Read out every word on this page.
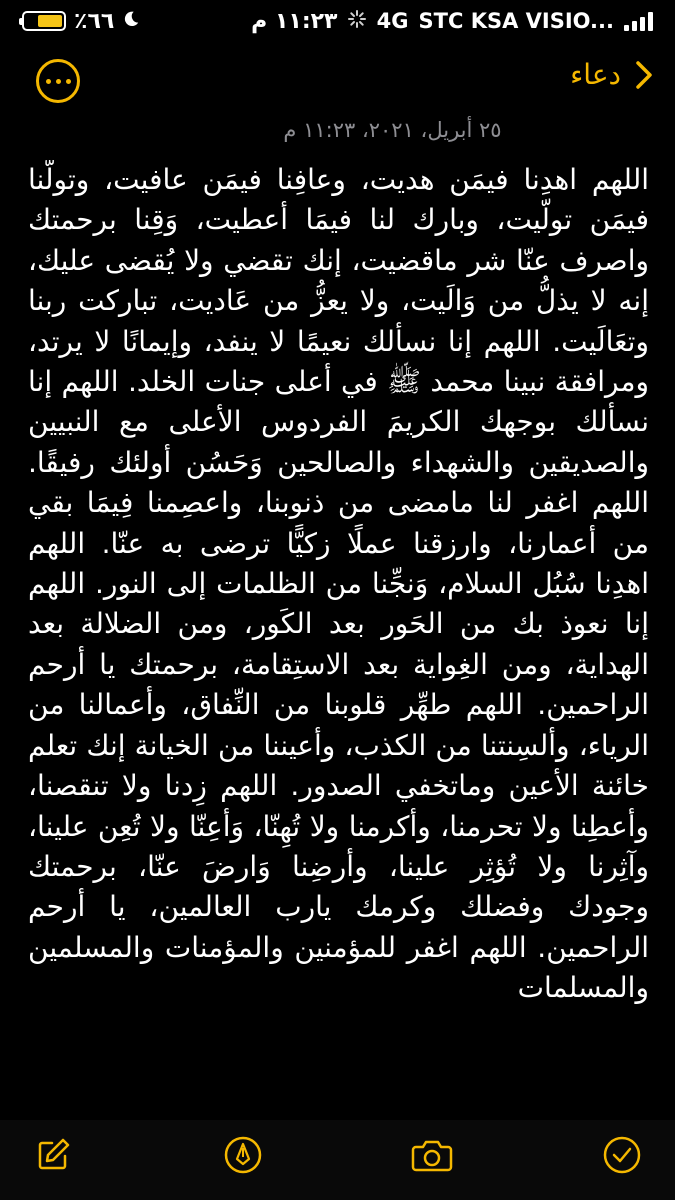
٪٦٦	١١:٢٣ م	4G STC KSA VISIO...
دعاء
٢٥ أبريل، ٢٠٢١، ١١:٢٣ م
اللهم اهدِنا فيمَن هديت، وعافِنا فيمَن عافيت، وتولّنا فيمَن تولّيت، وبارك لنا فيمَا أعطيت، وَقِنا برحمتك واصرف عنّا شر ماقضيت، إنك تقضي ولا يُقضى عليك، إنه لا يذلُّ من وَالَيت، ولا يعزُّ من عَاديت، تباركت ربنا وتعَالَيت. اللهم إنا نسألك نعيمًا لا ينفد، وإيمانًا لا يرتد، ومرافقة نبينا محمد ﷺ في أعلى جنات الخلد. اللهم إنا نسألك بوجهك الكريمَ الفردوس الأعلى مع النبيين والصديقين والشهداء والصالحين وَحَسُن أولئك رفيقًا. اللهم اغفر لنا مامضى من ذنوبنا، واعصِمنا فِيمَا بقي من أعمارنا، وارزقنا عملًا زكيًّا ترضى به عنّا. اللهم اهدِنا سُبُل السلام، وَنجِّنا من الظلمات إلى النور. اللهم إنا نعوذ بك من الحَور بعد الكَور، ومن الضلالة بعد الهداية، ومن الغِواية بعد الاستِقامة، برحمتك يا أرحم الراحمين. اللهم طهِّر قلوبنا من النِّفاق، وأعمالنا من الرياء، وألسِنتنا من الكذب، وأعيننا من الخيانة إنك تعلم خائنة الأعين وماتخفي الصدور. اللهم زِدنا ولا تنقصنا، وأعطِنا ولا تحرمنا، وأكرمنا ولا تُهِنّا، وَأعِنّا ولا تُعِن علينا، وآثِرنا ولا تُؤثِر علينا، وأرضِنا وَارضَ عنّا، برحمتك وجودك وفضلك وكرمك يارب العالمين، يا أرحم الراحمين. اللهم اغفر للمؤمنين والمؤمنات والمسلمين والمسلمات
